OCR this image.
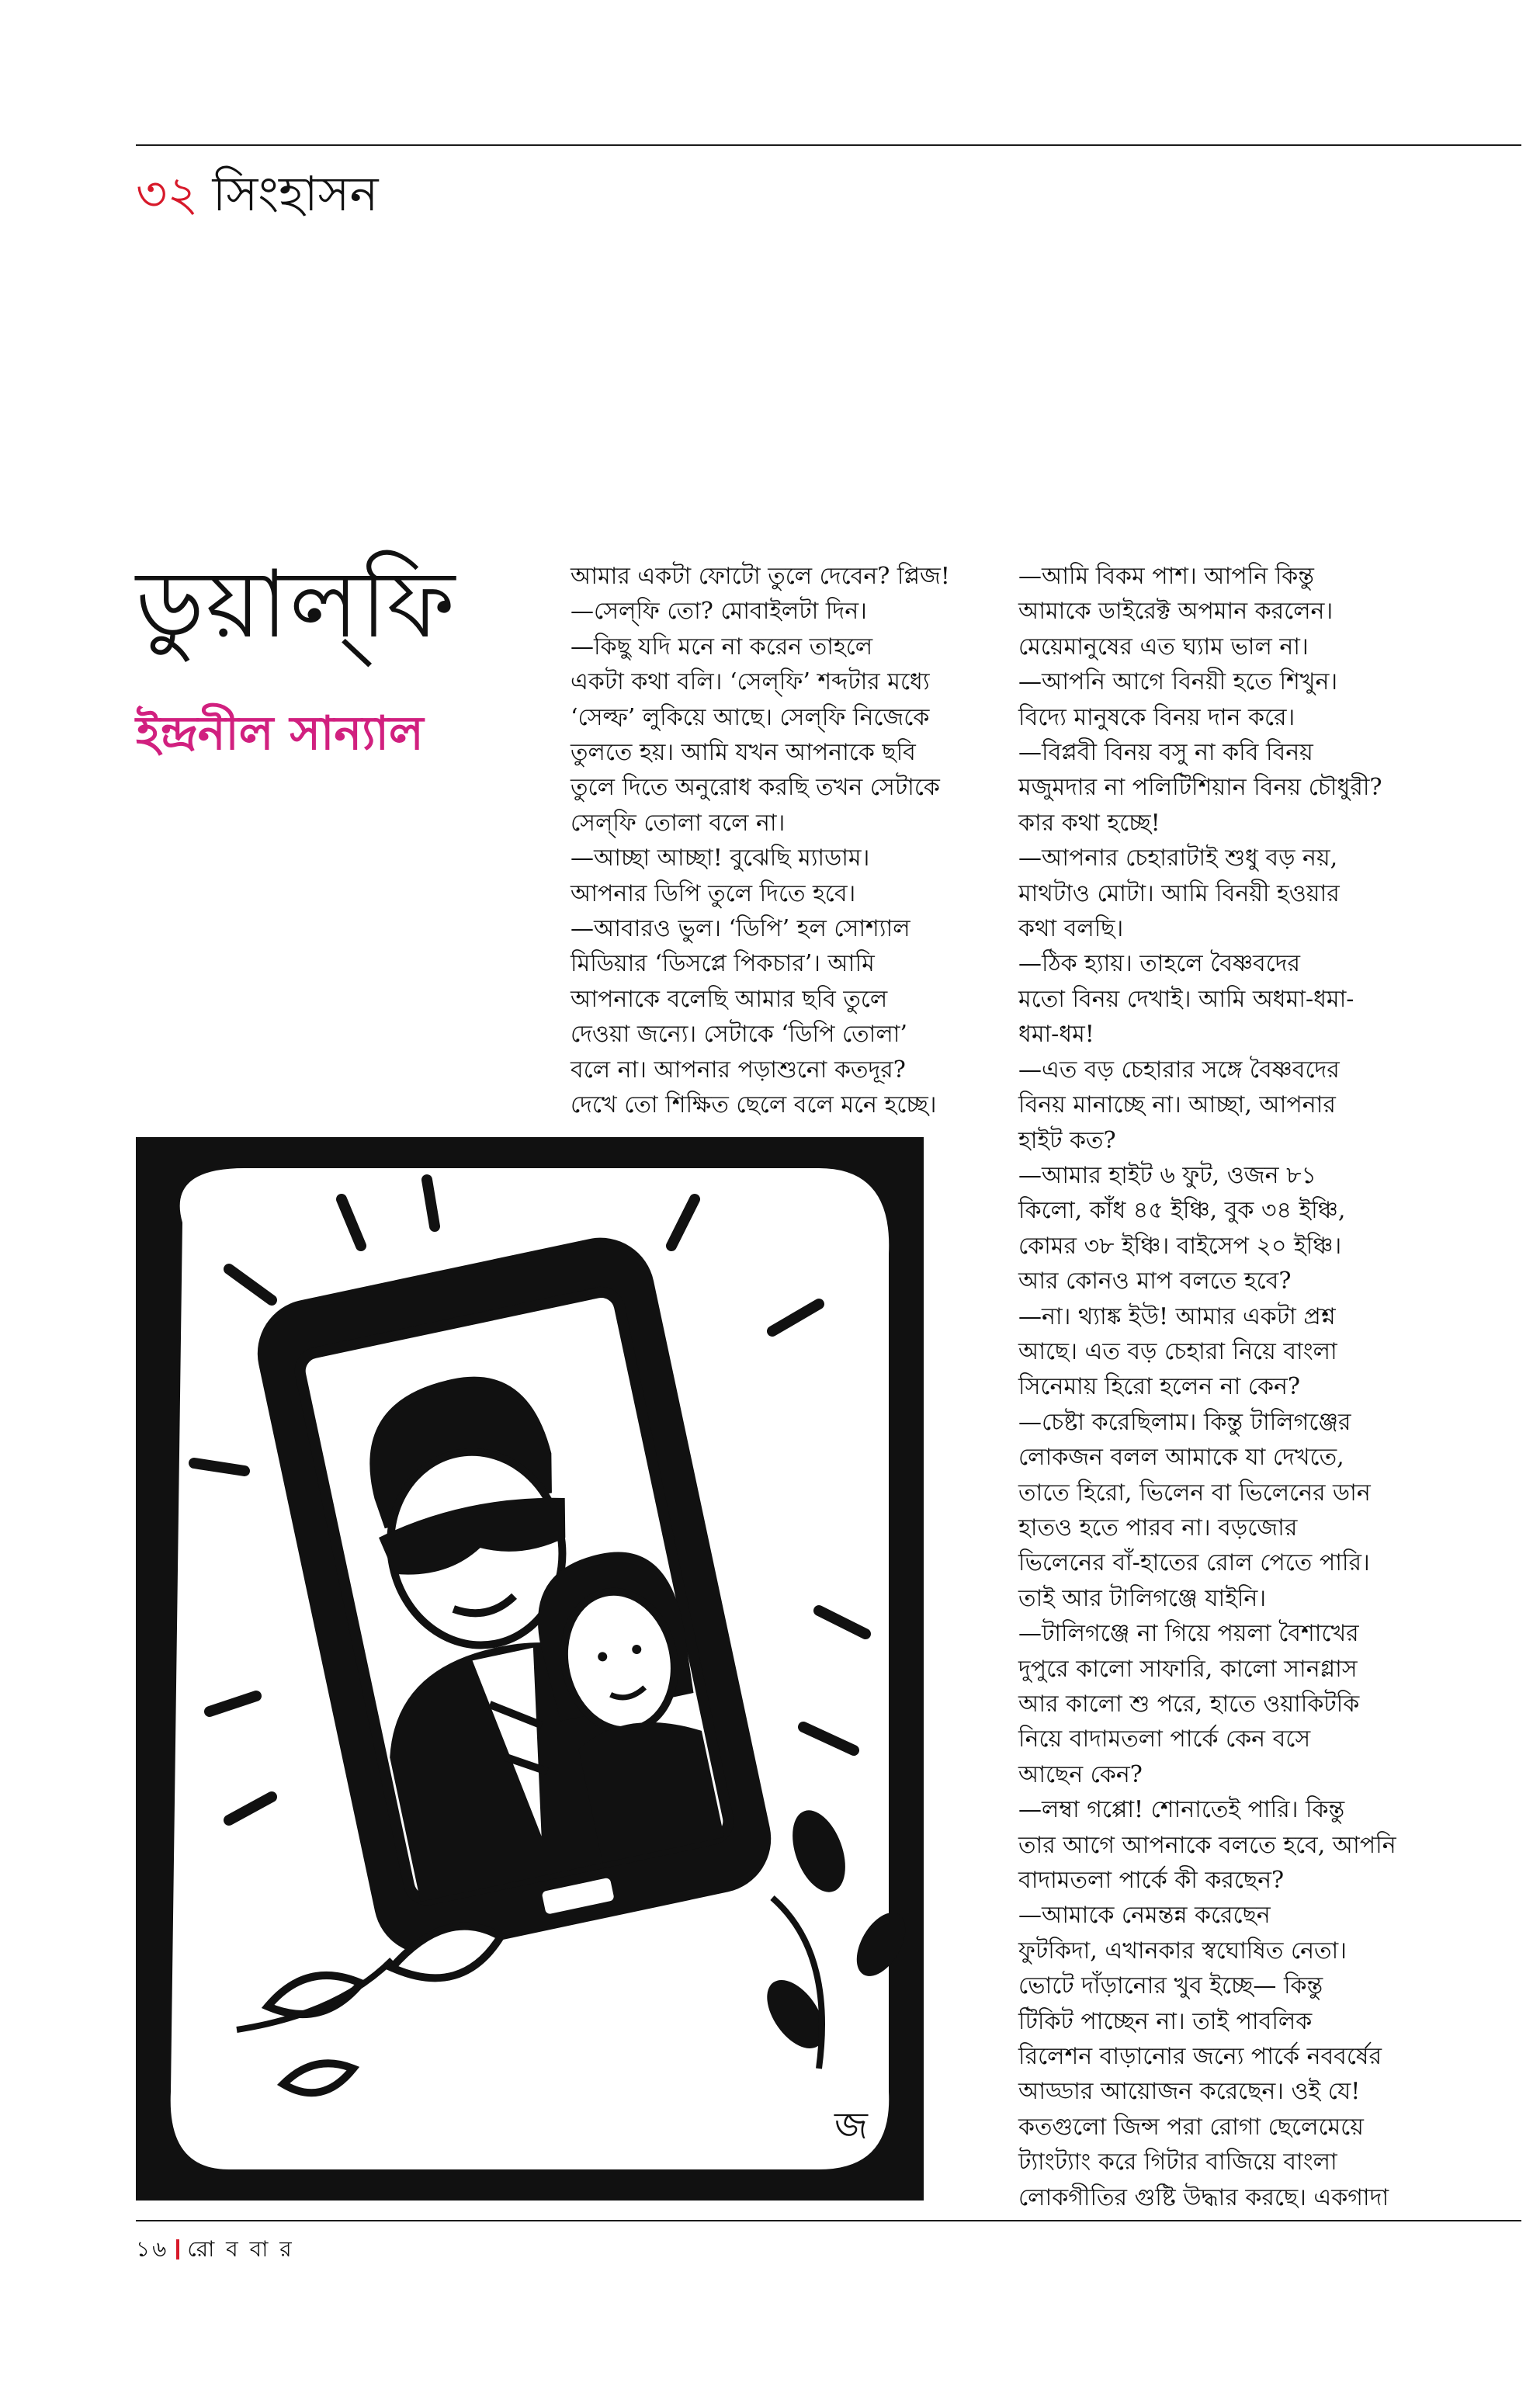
৩২ সিংহাসন
ডুয়াল্‌ফি
ইন্দ্রনীল সান্যাল

আমার একটা ফোটো তুলে দেবেন? প্লিজ!

—সেল্‌ফি তো? মোবাইলটা দিন।

—কিছু যদি মনে না করেন তাহলে

একটা কথা বলি। ‘সেল্‌ফি’ শব্দটার মধ্যে

‘সেল্ফ’ লুকিয়ে আছে। সেল্‌ফি নিজেকে

তুলতে হয়। আমি যখন আপনাকে ছবি

তুলে দিতে অনুরোধ করছি তখন সেটাকে

সেল্‌ফি তোলা বলে না।

—আচ্ছা আচ্ছা! বুঝেছি ম্যাডাম।

আপনার ডিপি তুলে দিতে হবে।

—আবারও ভুল। ‘ডিপি’ হল সোশ্যাল

মিডিয়ার ‘ডিসপ্লে পিকচার’। আমি

আপনাকে বলেছি আমার ছবি তুলে

দেওয়া জন্যে। সেটাকে ‘ডিপি তোলা’

বলে না। আপনার পড়াশুনো কতদূর?

দেখে তো শিক্ষিত ছেলে বলে মনে হচ্ছে।

—আমি বিকম পাশ। আপনি কিন্তু

আমাকে ডাইরেক্ট অপমান করলেন।

মেয়েমানুষের এত ঘ্যাম ভাল না।

—আপনি আগে বিনয়ী হতে শিখুন।

বিদ্যে মানুষকে বিনয় দান করে।

—বিপ্লবী বিনয় বসু না কবি বিনয়

মজুমদার না পলিটিশিয়ান বিনয় চৌধুরী?

কার কথা হচ্ছে!

—আপনার চেহারাটাই শুধু বড় নয়,

মাথটাও মোটা। আমি বিনয়ী হওয়ার

কথা বলছি।

—ঠিক হ্যায়। তাহলে বৈষ্ণবদের

মতো বিনয় দেখাই। আমি অধমা-ধমা-

ধমা-ধম!

—এত বড় চেহারার সঙ্গে বৈষ্ণবদের

বিনয় মানাচ্ছে না। আচ্ছা, আপনার

হাইট কত?

—আমার হাইট ৬ ফুট, ওজন ৮১

কিলো, কাঁধ ৪৫ ইঞ্চি, বুক ৩৪ ইঞ্চি,

কোমর ৩৮ ইঞ্চি। বাইসেপ ২০ ইঞ্চি।

আর কোনও মাপ বলতে হবে?

—না। থ্যাঙ্ক ইউ! আমার একটা প্রশ্ন

আছে। এত বড় চেহারা নিয়ে বাংলা

সিনেমায় হিরো হলেন না কেন?

—চেষ্টা করেছিলাম। কিন্তু টালিগঞ্জের

লোকজন বলল আমাকে যা দেখতে,

তাতে হিরো, ভিলেন বা ভিলেনের ডান

হাতও হতে পারব না। বড়জোর

ভিলেনের বাঁ-হাতের রোল পেতে পারি।

তাই আর টালিগঞ্জে যাইনি।

—টালিগঞ্জে না গিয়ে পয়লা বৈশাখের

দুপুরে কালো সাফারি, কালো সানগ্লাস

আর কালো শু পরে, হাতে ওয়াকিটকি

নিয়ে বাদামতলা পার্কে কেন বসে

আছেন কেন?

—লম্বা গপ্পো! শোনাতেই পারি। কিন্তু

তার আগে আপনাকে বলতে হবে, আপনি

বাদামতলা পার্কে কী করছেন?

—আমাকে নেমন্তন্ন করেছেন

ফুটকিদা, এখানকার স্বঘোষিত নেতা।

ভোটে দাঁড়ানোর খুব ইচ্ছে— কিন্তু

টিকিট পাচ্ছেন না। তাই পাবলিক

রিলেশন বাড়ানোর জন্যে পার্কে নববর্ষের

আড্ডার আয়োজন করেছেন। ওই যে!

কতগুলো জিন্স পরা রোগা ছেলেমেয়ে

ট্যাংট্যাং করে গিটার বাজিয়ে বাংলা

লোকগীতির গুষ্টি উদ্ধার করছে। একগাদা

জ
১৬ রো ব বা র
